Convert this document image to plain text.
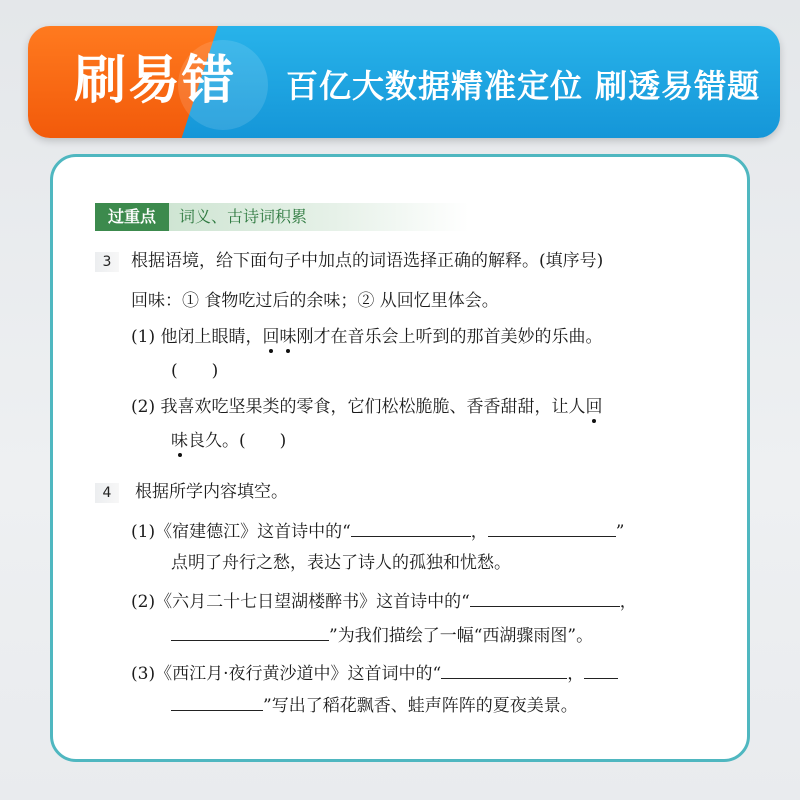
刷易错	百亿大数据精准定位 刷透易错题
过重点	词义、古诗词积累
3	根据语境，给下面句子中加点的词语选择正确的解释。(填序号)
回味：① 食物吃过后的余味；② 从回忆里体会。
(1) 他闭上眼睛，回味刚才在音乐会上听到的那首美妙的乐曲。
(　　)
(2) 我喜欢吃坚果类的零食，它们松松脆脆、香香甜甜，让人回
味良久。(　　)
4	根据所学内容填空。
(1)《宿建德江》这首诗中的“	，	”
点明了舟行之愁，表达了诗人的孤独和忧愁。
(2)《六月二十七日望湖楼醉书》这首诗中的“	，
”为我们描绘了一幅“西湖骤雨图”。
(3)《西江月·夜行黄沙道中》这首词中的“	，
”写出了稻花飘香、蛙声阵阵的夏夜美景。
